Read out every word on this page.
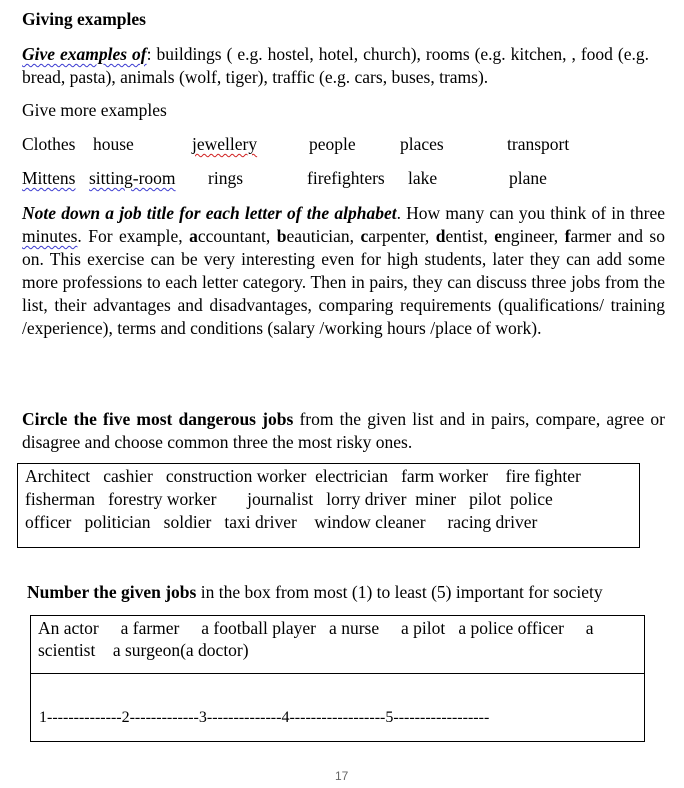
Giving examples
Give examples of: buildings ( e.g. hostel, hotel, church), rooms (e.g. kitchen, , food (e.g. bread, pasta), animals (wolf, tiger), traffic (e.g. cars, buses, trams).
Give more examples
Clothes house	jewellery	people	places	transport
Mittens sitting-room rings	firefighters lake	plane
Note down a job title for each letter of the alphabet. How many can you think of in three minutes. For example, accountant, beautician, carpenter, dentist, engineer, farmer and so on. This exercise can be very interesting even for high students, later they can add some more professions to each letter category. Then in pairs, they can discuss three jobs from the list, their advantages and disadvantages, comparing requirements (qualifications/ training /experience), terms and conditions (salary /working hours /place of work).
Circle the five most dangerous jobs from the given list and in pairs, compare, agree or disagree and choose common three the most risky ones.
Architect   cashier   construction worker  electrician   farm worker    fire fighter
fisherman   forestry worker       journalist   lorry driver  miner   pilot  police
officer   politician   soldier   taxi driver    window cleaner     racing driver
Number the given jobs in the box from most (1) to least (5) important for society
An actor     a farmer     a football player   a nurse     a pilot   a police officer     a
scientist    a surgeon(a doctor)
1--------------2-------------3--------------4------------------5------------------
17
